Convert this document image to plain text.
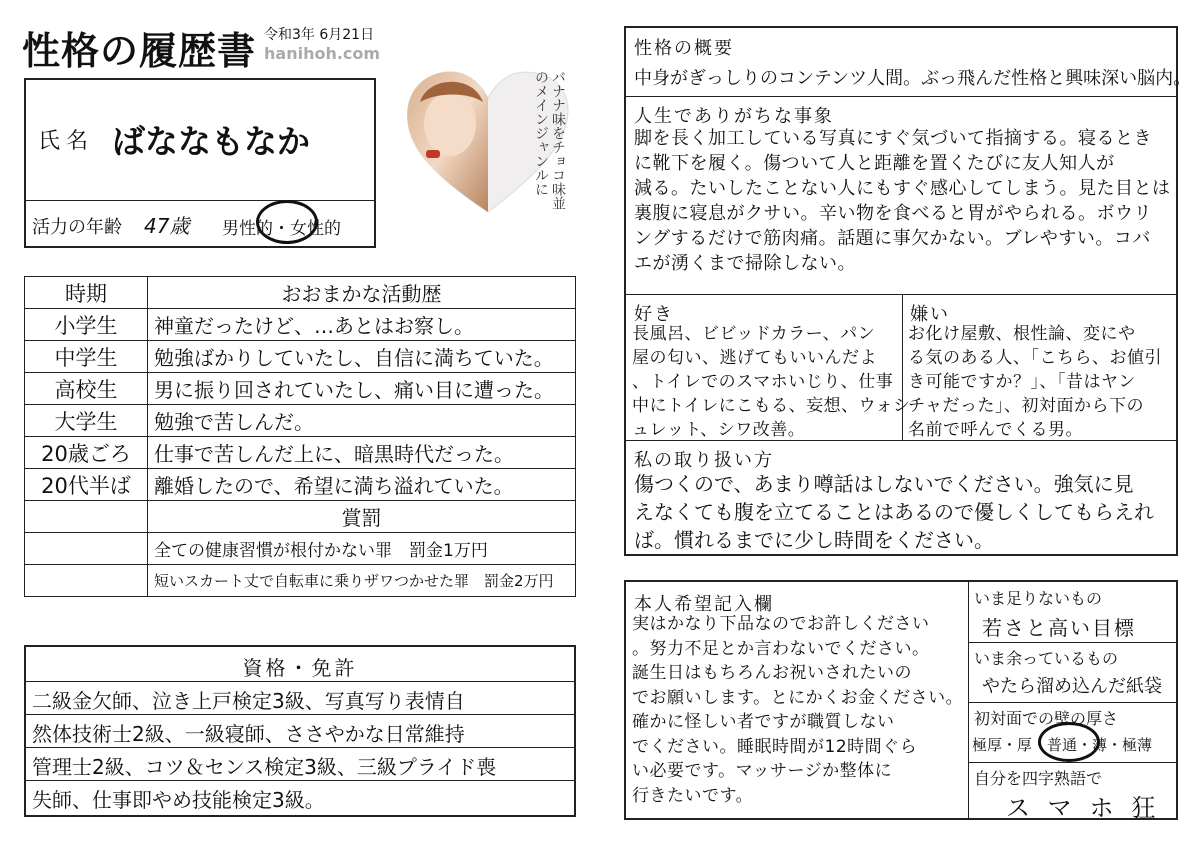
性格の履歴書 令和3年 6月21日
hanihoh.com
氏名 ばななもなか
活力の年齢 47歳 男性的・女性的
バナナ味をチョコ味並のメインジャンルに
時期	おおまかな活動歴
小学生	神童だったけど、…あとはお察し。
中学生	勉強ばかりしていたし、自信に満ちていた。
高校生	男に振り回されていたし、痛い目に遭った。
大学生	勉強で苦しんだ。
20歳ごろ	仕事で苦しんだ上に、暗黒時代だった。
20代半ば	離婚したので、希望に満ち溢れていた。
	賞罰
	全ての健康習慣が根付かない罪　罰金1万円
	短いスカート丈で自転車に乗りザワつかせた罪　罰金2万円
資格・免許
二級金欠師、泣き上戸検定3級、写真写り表情自
然体技術士2級、一級寝師、ささやかな日常維持
管理士2級、コツ＆センス検定3級、三級プライド喪
失師、仕事即やめ技能検定3級。
性格の概要
中身がぎっしりのコンテンツ人間。ぶっ飛んだ性格と興味深い脳内。
人生でありがちな事象
脚を長く加工している写真にすぐ気づいて指摘する。寝るとき
に靴下を履く。傷ついて人と距離を置くたびに友人知人が
減る。たいしたことない人にもすぐ感心してしまう。見た目とは
裏腹に寝息がクサい。辛い物を食べると胃がやられる。ボウリ
ングするだけで筋肉痛。話題に事欠かない。ブレやすい。コバ
エが湧くまで掃除しない。
好き
長風呂、ビビッドカラー、パン
屋の匂い、逃げてもいいんだよ
、トイレでのスマホいじり、仕事
中にトイレにこもる、妄想、ウォシ
ュレット、シワ改善。
嫌い
お化け屋敷、根性論、変にや
る気のある人、「こちら、お値引
き可能ですか？」、「昔はヤン
チャだった」、初対面から下の
名前で呼んでくる男。
私の取り扱い方
傷つくので、あまり噂話はしないでください。強気に見
えなくても腹を立てることはあるので優しくしてもらえれ
ば。慣れるまでに少し時間をください。
本人希望記入欄
実はかなり下品なのでお許しください
。努力不足とか言わないでください。
誕生日はもちろんお祝いされたいの
でお願いします。とにかくお金ください。
確かに怪しい者ですが職質しない
でください。睡眠時間が12時間ぐら
い必要です。マッサージか整体に
行きたいです。
いま足りないもの
若さと高い目標
いま余っているもの
やたら溜め込んだ紙袋
初対面での壁の厚さ
極厚・厚・普通・薄・極薄
自分を四字熟語で
スマホ狂
